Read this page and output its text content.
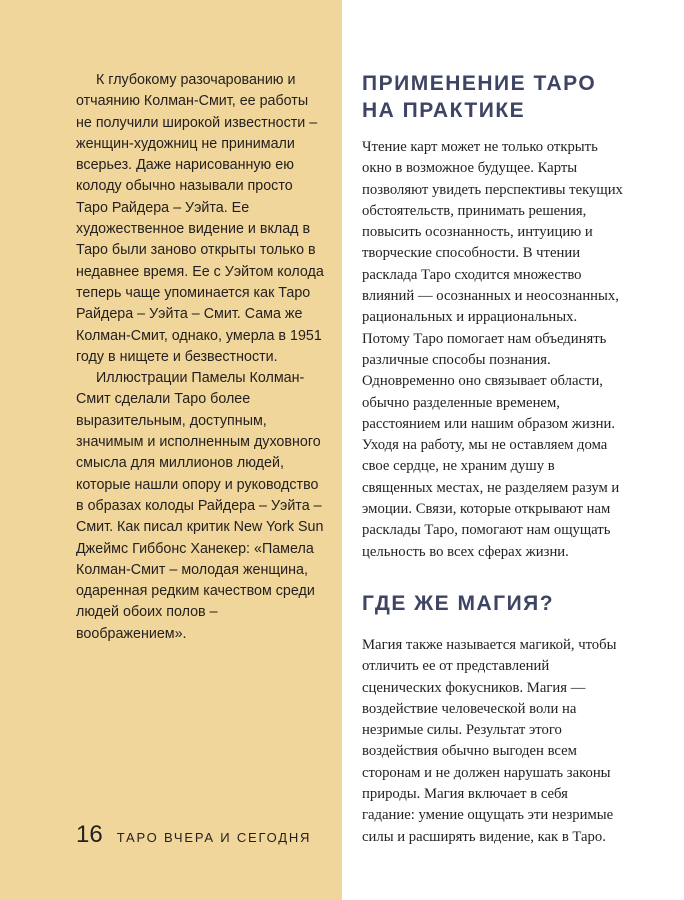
К глубокому разочарованию и отчаянию Колман-Смит, ее работы не получили широкой известности – женщин-художниц не принимали всерьез. Даже нарисованную ею колоду обычно называли просто Таро Райдера – Уэйта. Ее художественное видение и вклад в Таро были заново открыты только в недавнее время. Ее с Уэйтом колода теперь чаще упоминается как Таро Райдера – Уэйта – Смит. Сама же Колман-Смит, однако, умерла в 1951 году в нищете и безвестности.

Иллюстрации Памелы Колман-Смит сделали Таро более выразительным, доступным, значимым и исполненным духовного смысла для миллионов людей, которые нашли опору и руководство в образах колоды Райдера – Уэйта – Смит. Как писал критик New York Sun Джеймс Гиббонс Ханекер: «Памела Колман-Смит – молодая женщина, одаренная редким качеством среди людей обоих полов – воображением».

16 ТАРО ВЧЕРА И СЕГОДНЯ
ПРИМЕНЕНИЕ ТАРО НА ПРАКТИКЕ

Чтение карт может не только открыть окно в возможное будущее. Карты позволяют увидеть перспективы текущих обстоятельств, принимать решения, повысить осознанность, интуицию и творческие способности. В чтении расклада Таро сходится множество влияний — осознанных и неосознанных, рациональных и иррациональных. Потому Таро помогает нам объединять различные способы познания. Одновременно оно связывает области, обычно разделенные временем, расстоянием или нашим образом жизни. Уходя на работу, мы не оставляем дома свое сердце, не храним душу в священных местах, не разделяем разум и эмоции. Связи, которые открывают нам расклады Таро, помогают нам ощущать цельность во всех сферах жизни.

ГДЕ ЖЕ МАГИЯ?

Магия также называется магикой, чтобы отличить ее от представлений сценических фокусников. Магия — воздействие человеческой воли на незримые силы. Результат этого воздействия обычно выгоден всем сторонам и не должен нарушать законы природы. Магия включает в себя гадание: умение ощущать эти незримые силы и расширять видение, как в Таро.
